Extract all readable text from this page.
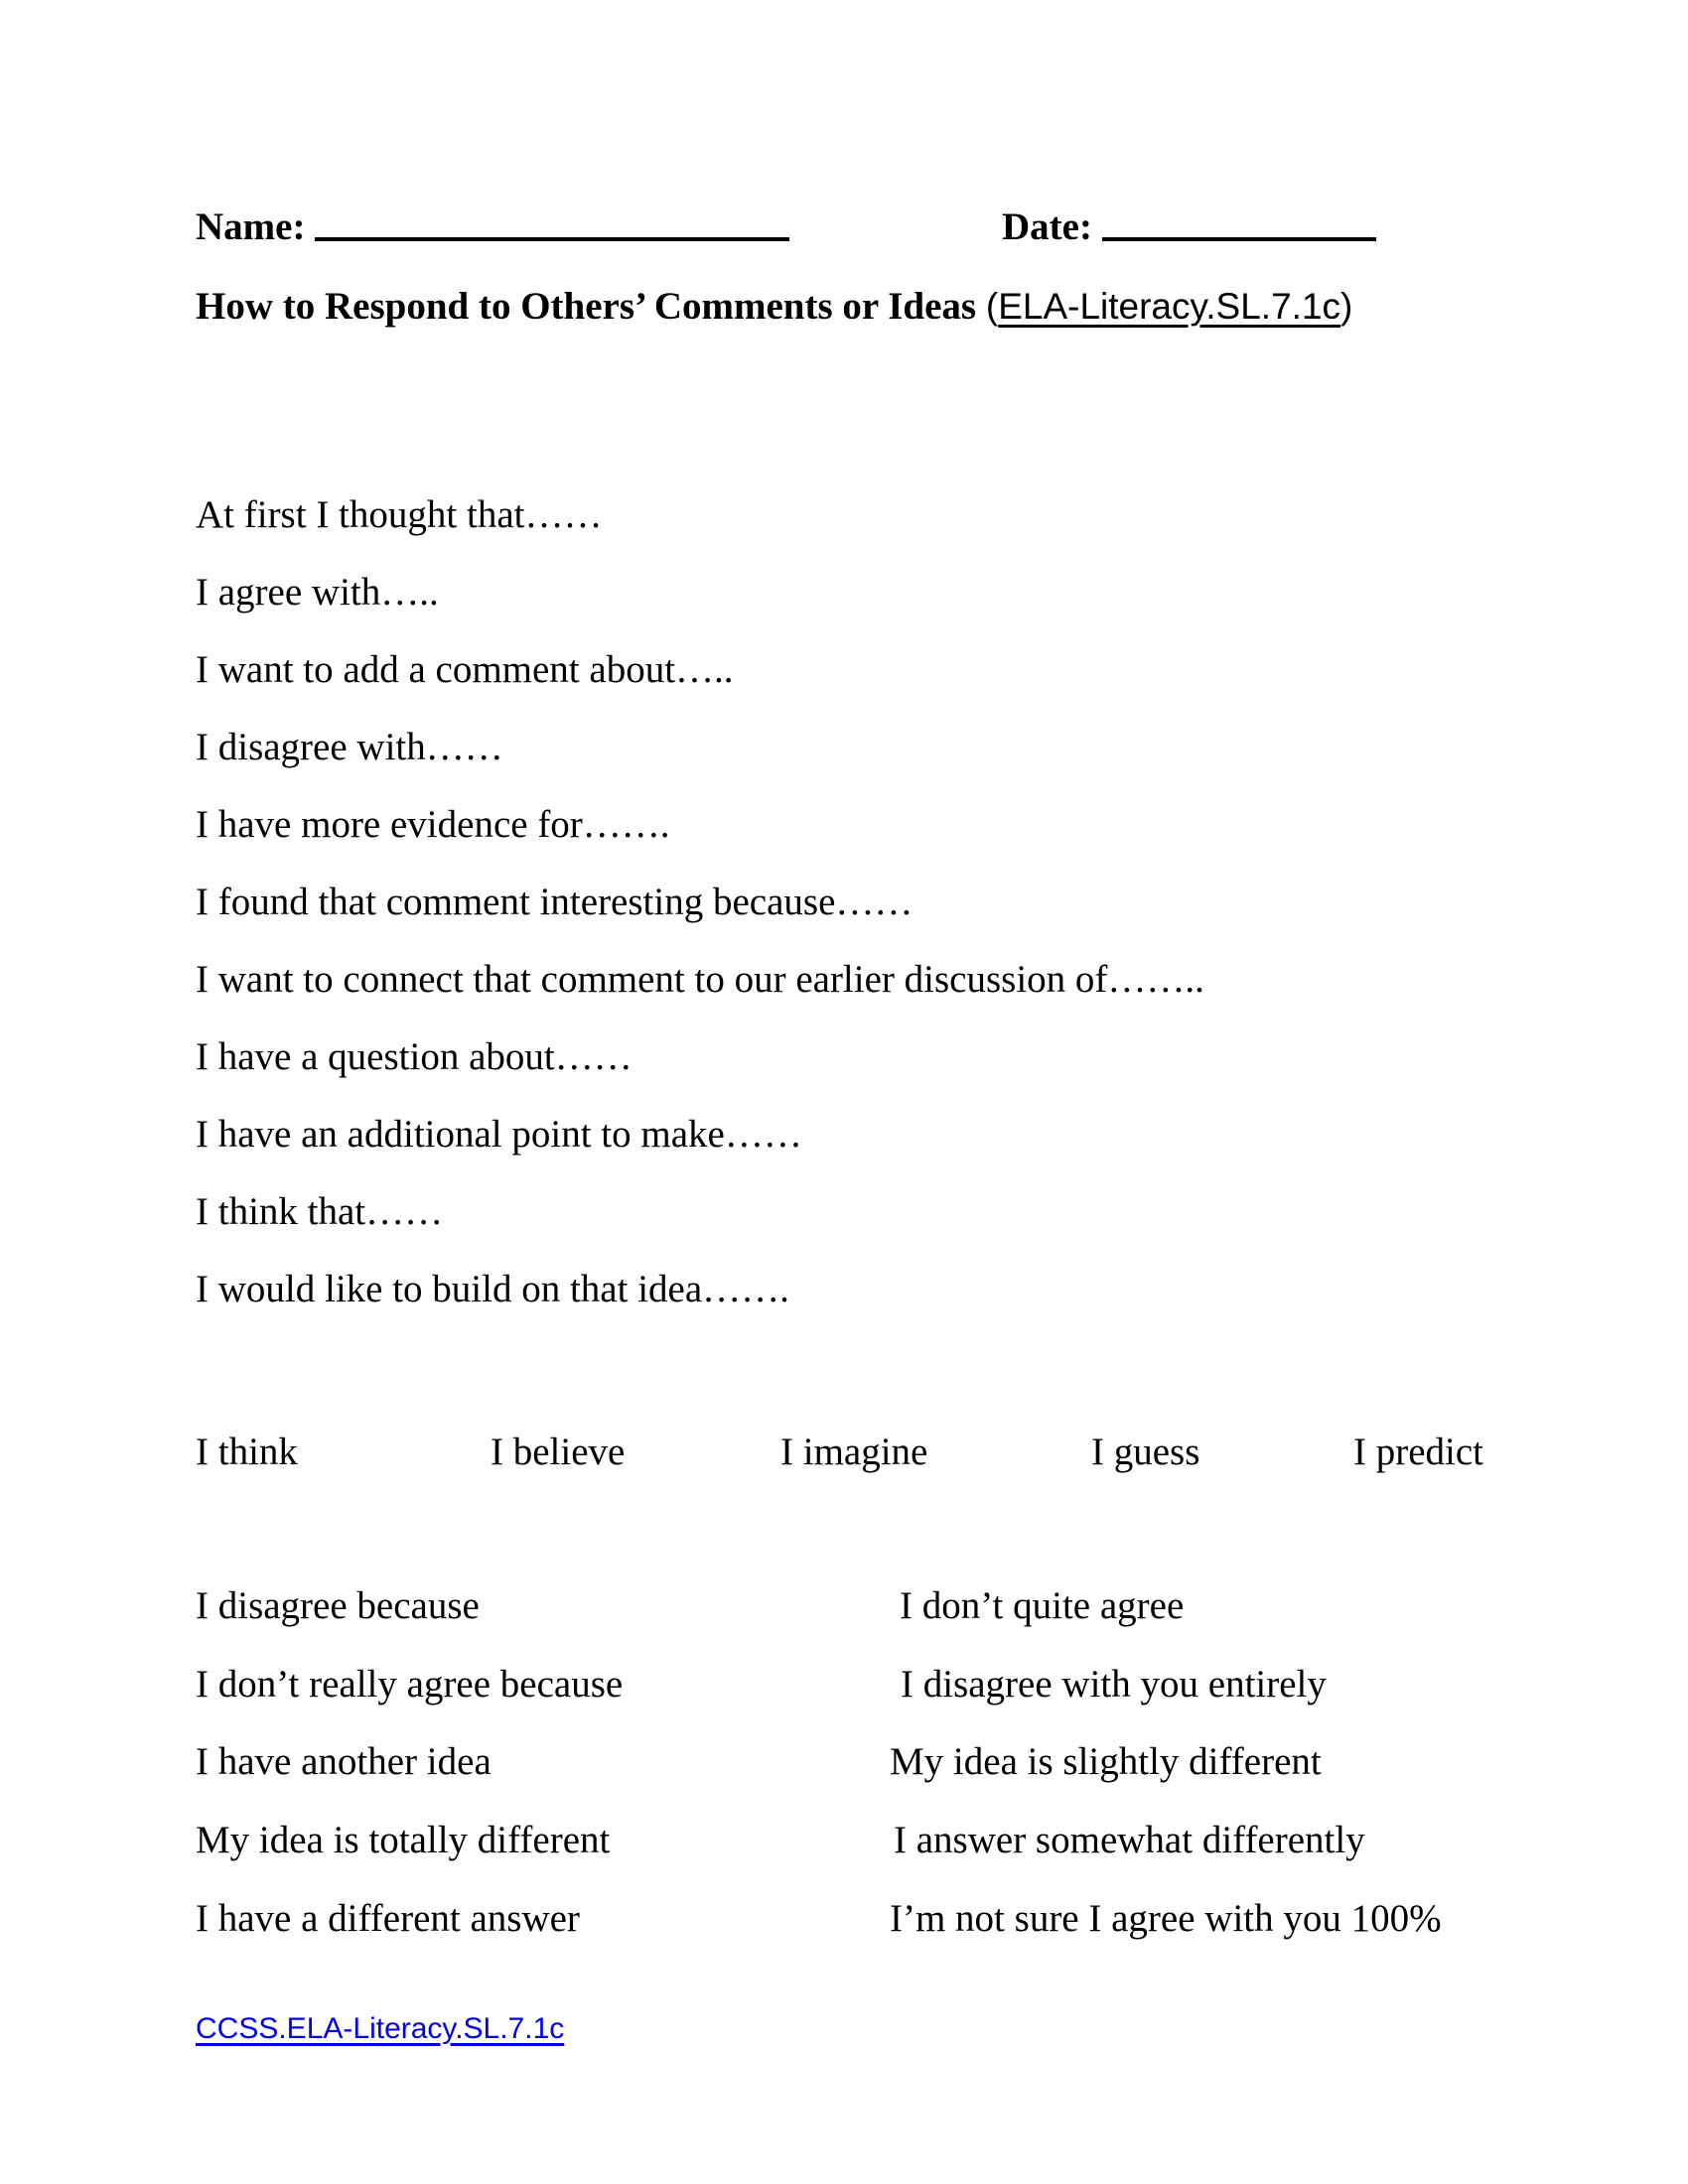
Name:	Date:
How to Respond to Others’ Comments or Ideas (ELA-Literacy.SL.7.1c)
At first I thought that……
I agree with…..
I want to add a comment about…..
I disagree with……
I have more evidence for…….
I found that comment interesting because……
I want to connect that comment to our earlier discussion of……..
I have a question about……
I have an additional point to make……
I think that……
I would like to build on that idea…….
I think	I believe	I imagine	I guess	I predict
I disagree because	I don’t quite agree
I don’t really agree because	I disagree with you entirely
I have another idea	My idea is slightly different
My idea is totally different	I answer somewhat differently
I have a different answer	I’m not sure I agree with you 100%
CCSS.ELA-Literacy.SL.7.1c
